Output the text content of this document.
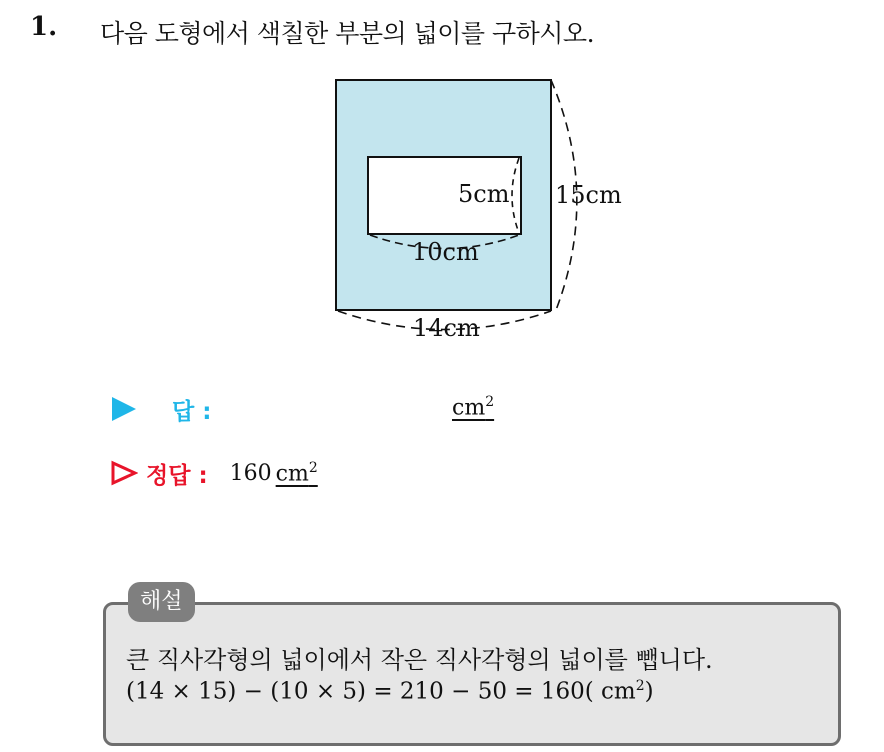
1. 다음 도형에서 색칠한 부분의 넓이를 구하시오.
5cm
10cm
15cm
14cm
답 :	$cm^2$
정답 : 160 $cm^2$
해설
큰 직사각형의 넓이에서 작은 직사각형의 넓이를 뺍니다.
(14 × 15) − (10 × 5) = 210 − 50 = 160( $cm^2$)
